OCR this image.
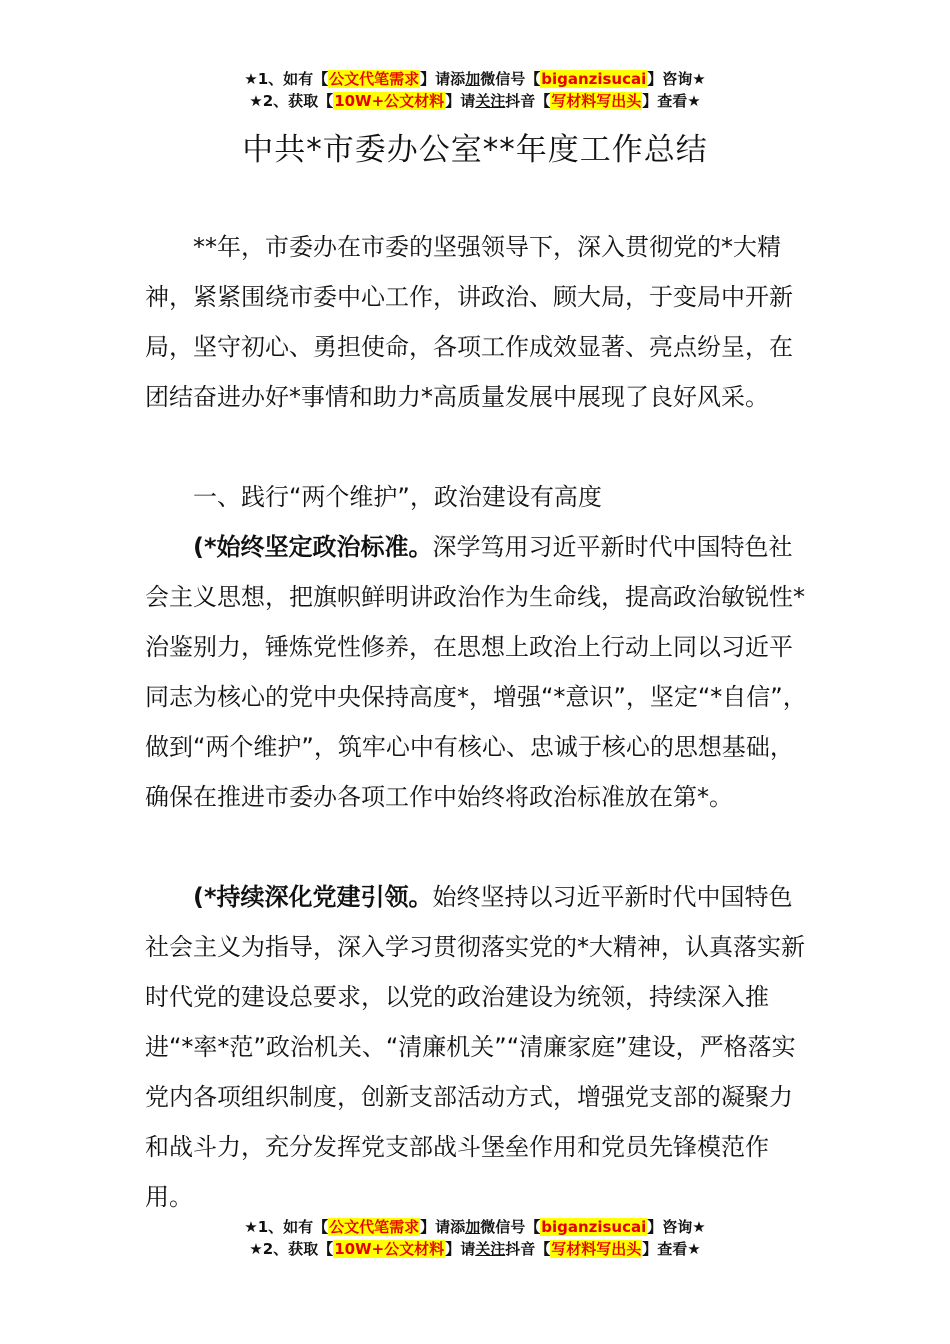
★1、如有【公文代笔需求】请添加微信号【biganzisucai】咨询★
★2、获取【10W+公文材料】请关注抖音【写材料写出头】查看★
中共*市委办公室**年度工作总结

**年，市委办在市委的坚强领导下，深入贯彻党的*大精神，紧紧围绕市委中心工作，讲政治、顾大局，于变局中开新局，坚守初心、勇担使命，各项工作成效显著、亮点纷呈，在团结奋进办好*事情和助力*高质量发展中展现了良好风采。

一、践行“两个维护”，政治建设有高度

(*始终坚定政治标准。深学笃用习近平新时代中国特色社会主义思想，把旗帜鲜明讲政治作为生命线，提高政治敏锐性*治鉴别力，锤炼党性修养，在思想上政治上行动上同以习近平同志为核心的党中央保持高度*，增强“*意识”，坚定“*自信”，做到“两个维护”，筑牢心中有核心、忠诚于核心的思想基础，确保在推进市委办各项工作中始终将政治标准放在第*。

(*持续深化党建引领。始终坚持以习近平新时代中国特色社会主义为指导，深入学习贯彻落实党的*大精神，认真落实新时代党的建设总要求，以党的政治建设为统领，持续深入推进“*率*范”政治机关、“清廉机关”“清廉家庭”建设，严格落实党内各项组织制度，创新支部活动方式，增强党支部的凝聚力和战斗力，充分发挥党支部战斗堡垒作用和党员先锋模范作用。

★1、如有【公文代笔需求】请添加微信号【biganzisucai】咨询★
★2、获取【10W+公文材料】请关注抖音【写材料写出头】查看★
